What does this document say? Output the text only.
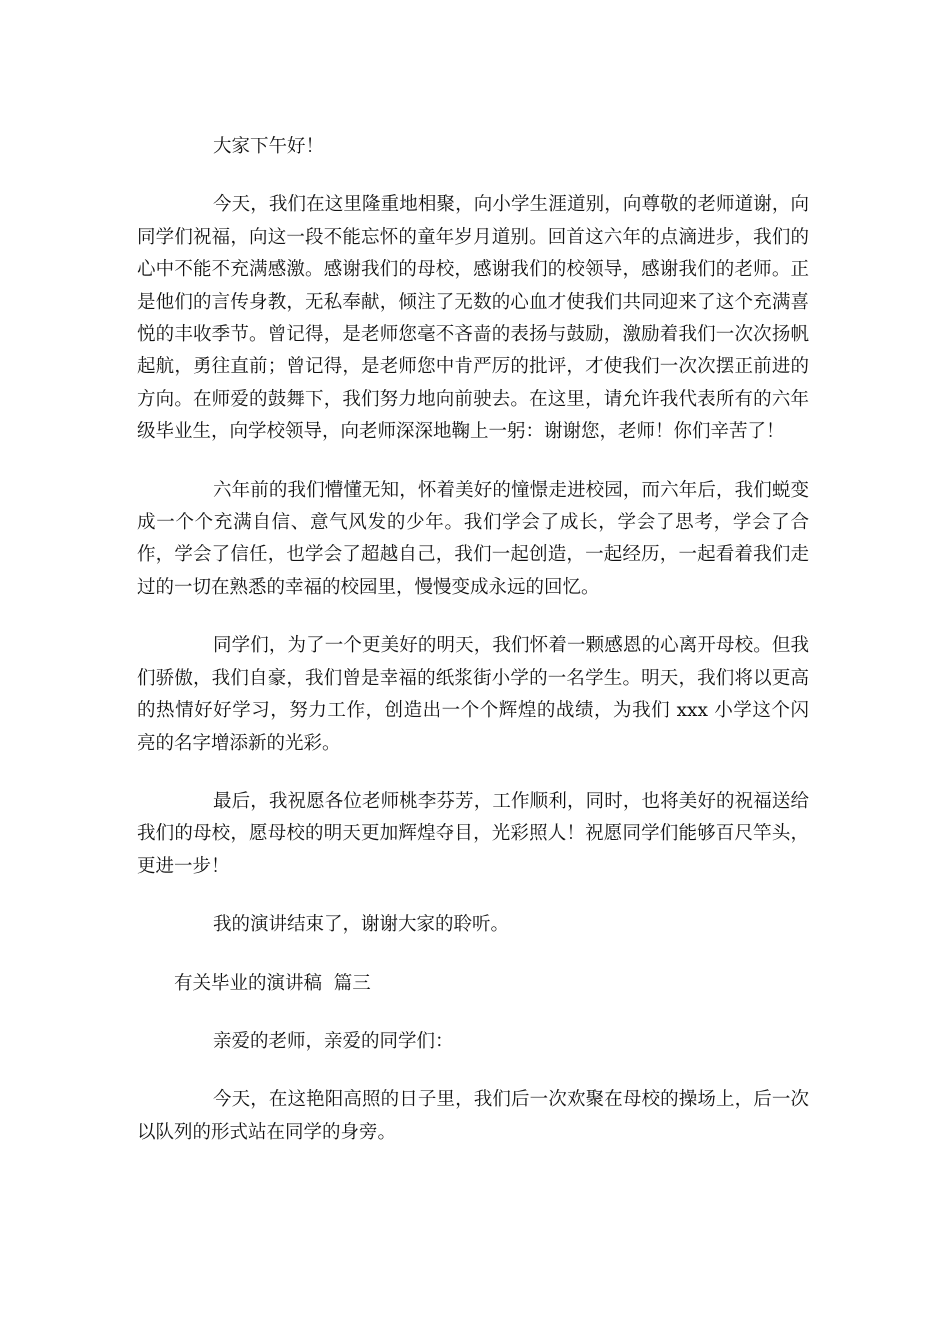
大家下午好！

今天，我们在这里隆重地相聚，向小学生涯道别，向尊敬的老师道谢，向同学们祝福，向这一段不能忘怀的童年岁月道别。回首这六年的点滴进步，我们的心中不能不充满感激。感谢我们的母校，感谢我们的校领导，感谢我们的老师。正是他们的言传身教，无私奉献，倾注了无数的心血才使我们共同迎来了这个充满喜悦的丰收季节。曾记得，是老师您毫不吝啬的表扬与鼓励，激励着我们一次次扬帆起航，勇往直前；曾记得，是老师您中肯严厉的批评，才使我们一次次摆正前进的方向。在师爱的鼓舞下，我们努力地向前驶去。在这里，请允许我代表所有的六年级毕业生，向学校领导，向老师深深地鞠上一躬：谢谢您，老师！你们辛苦了！

六年前的我们懵懂无知，怀着美好的憧憬走进校园，而六年后，我们蜕变成一个个充满自信、意气风发的少年。我们学会了成长，学会了思考，学会了合作，学会了信任，也学会了超越自己，我们一起创造，一起经历，一起看着我们走过的一切在熟悉的幸福的校园里，慢慢变成永远的回忆。

同学们，为了一个更美好的明天，我们怀着一颗感恩的心离开母校。但我们骄傲，我们自豪，我们曾是幸福的纸浆街小学的一名学生。明天，我们将以更高的热情好好学习，努力工作，创造出一个个辉煌的战绩，为我们 xxx 小学这个闪亮的名字增添新的光彩。

最后，我祝愿各位老师桃李芬芳，工作顺利，同时，也将美好的祝福送给我们的母校，愿母校的明天更加辉煌夺目，光彩照人！祝愿同学们能够百尺竿头，更进一步！

我的演讲结束了，谢谢大家的聆听。

有关毕业的演讲稿  篇三

亲爱的老师，亲爱的同学们：

今天，在这艳阳高照的日子里，我们后一次欢聚在母校的操场上，后一次以队列的形式站在同学的身旁。
